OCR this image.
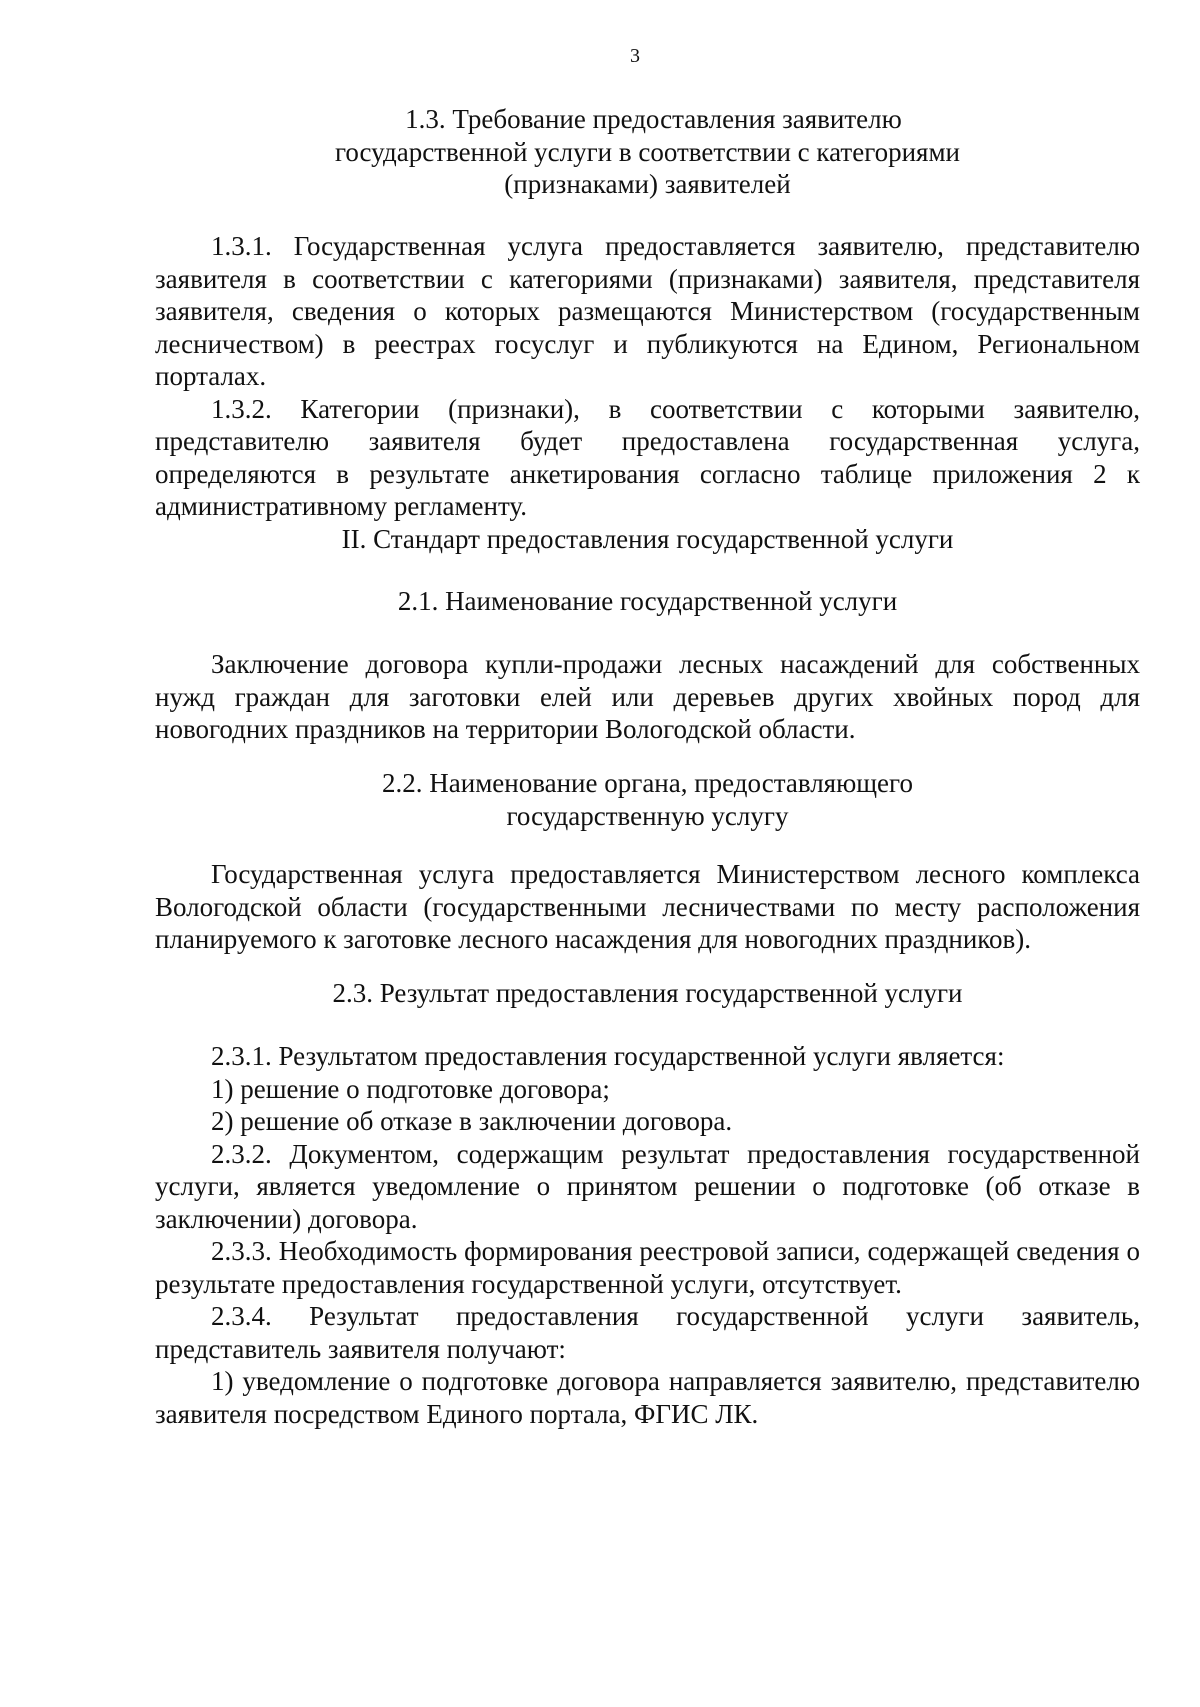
3

1.3. Требование предоставления заявителю

государственной услуги в соответствии с категориями

(признаками) заявителей

1.3.1. Государственная услуга предоставляется заявителю, представителю заявителя в соответствии с категориями (признаками) заявителя, представителя заявителя, сведения о которых размещаются Министерством (государственным лесничеством) в реестрах госуслуг и публикуются на Едином, Региональном порталах.

1.3.2. Категории (признаки), в соответствии с которыми заявителю, представителю заявителя будет предоставлена государственная услуга, определяются в результате анкетирования согласно таблице приложения 2 к административному регламенту.

II. Стандарт предоставления государственной услуги

2.1. Наименование государственной услуги

Заключение договора купли-продажи лесных насаждений для собственных нужд граждан для заготовки елей или деревьев других хвойных пород для новогодних праздников на территории Вологодской области.

2.2. Наименование органа, предоставляющего

государственную услугу

Государственная услуга предоставляется Министерством лесного комплекса Вологодской области (государственными лесничествами по месту расположения планируемого к заготовке лесного насаждения для новогодних праздников).

2.3. Результат предоставления государственной услуги

2.3.1. Результатом предоставления государственной услуги является:

1) решение о подготовке договора;

2) решение об отказе в заключении договора.

2.3.2. Документом, содержащим результат предоставления государственной услуги, является уведомление о принятом решении о подготовке (об отказе в заключении) договора.

2.3.3. Необходимость формирования реестровой записи, содержащей сведения о результате предоставления государственной услуги, отсутствует.

2.3.4. Результат предоставления государственной услуги заявитель, представитель заявителя получают:

1) уведомление о подготовке договора направляется заявителю, представителю заявителя посредством Единого портала, ФГИС ЛК.
